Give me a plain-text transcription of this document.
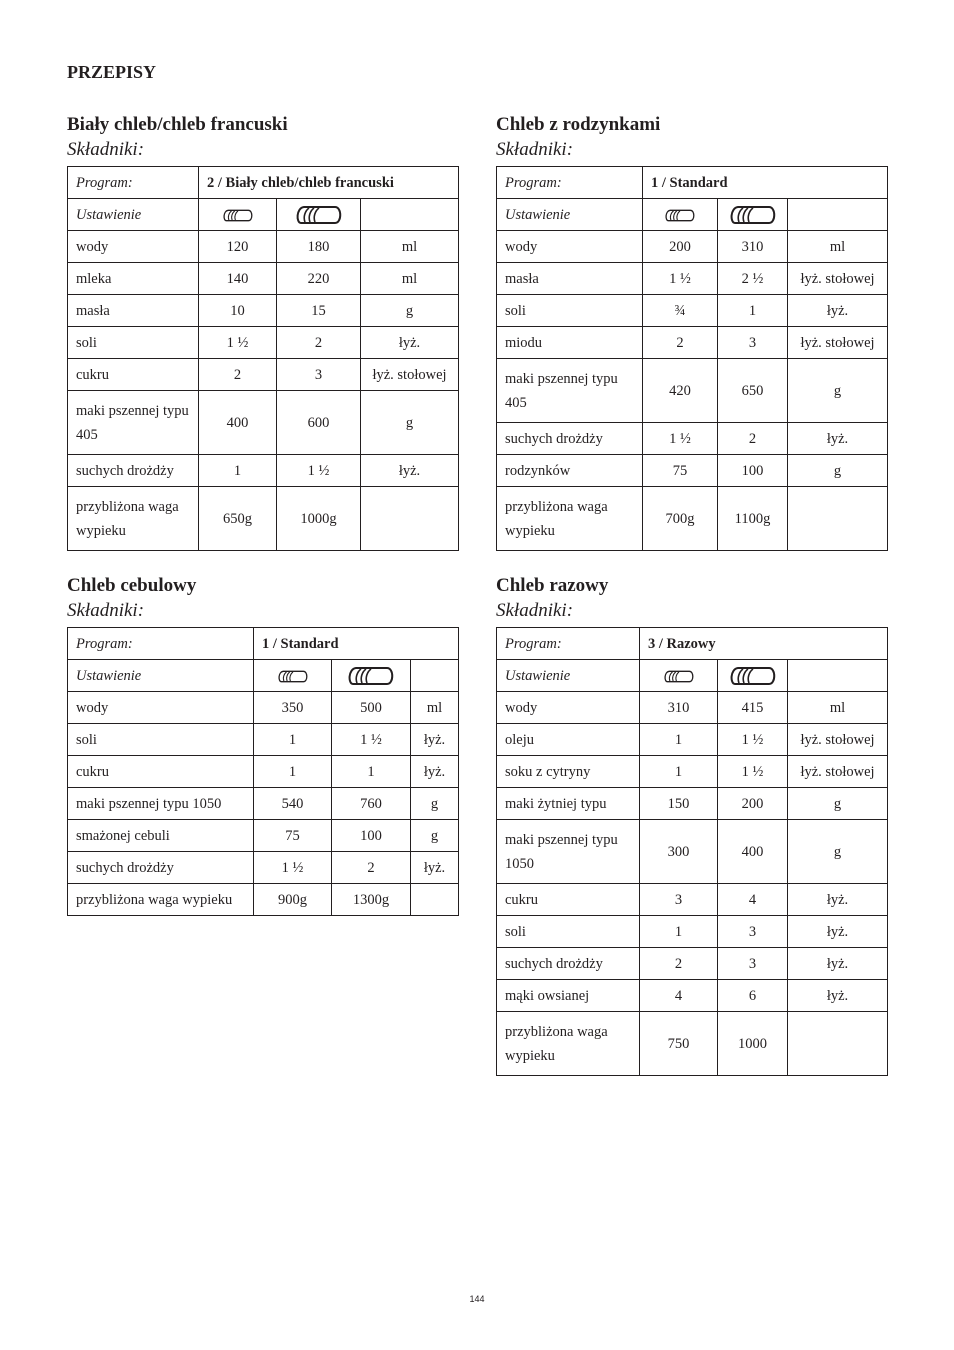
PRZEPISY
Biały chleb/chleb francuski
Składniki:
Program:	2 / Biały chleb/chleb francuski		
Ustawienie			
wody	120	180	ml
mleka	140	220	ml
masła	10	15	g
soli	1 ½	2	łyż.
cukru	2	3	łyż. stołowej
maki pszennej typu 405	400	600	g
suchych drożdży	1	1 ½	łyż.
przybliżona waga wypieku	650g	1000g	
Chleb z rodzynkami
Składniki:
Program:	1 / Standard		
Ustawienie			
wody	200	310	ml
masła	1 ½	2 ½	łyż. stołowej
soli	¾	1	łyż.
miodu	2	3	łyż. stołowej
maki pszennej typu 405	420	650	g
suchych drożdży	1 ½	2	łyż.
rodzynków	75	100	g
przybliżona waga wypieku	700g	1100g	
Chleb cebulowy
Składniki:
Program:	1 / Standard		
Ustawienie			
wody	350	500	ml
soli	1	1 ½	łyż.
cukru	1	1	łyż.
maki pszennej typu 1050	540	760	g
smażonej cebuli	75	100	g
suchych drożdży	1 ½	2	łyż.
przybliżona waga wypieku	900g	1300g	
Chleb razowy
Składniki:
Program:	3 / Razowy		
Ustawienie			
wody	310	415	ml
oleju	1	1 ½	łyż. stołowej
soku z cytryny	1	1 ½	łyż. stołowej
maki żytniej typu	150	200	g
maki pszennej typu 1050	300	400	g
cukru	3	4	łyż.
soli	1	3	łyż.
suchych drożdży	2	3	łyż.
mąki owsianej	4	6	łyż.
przybliżona waga wypieku	750	1000	
144
